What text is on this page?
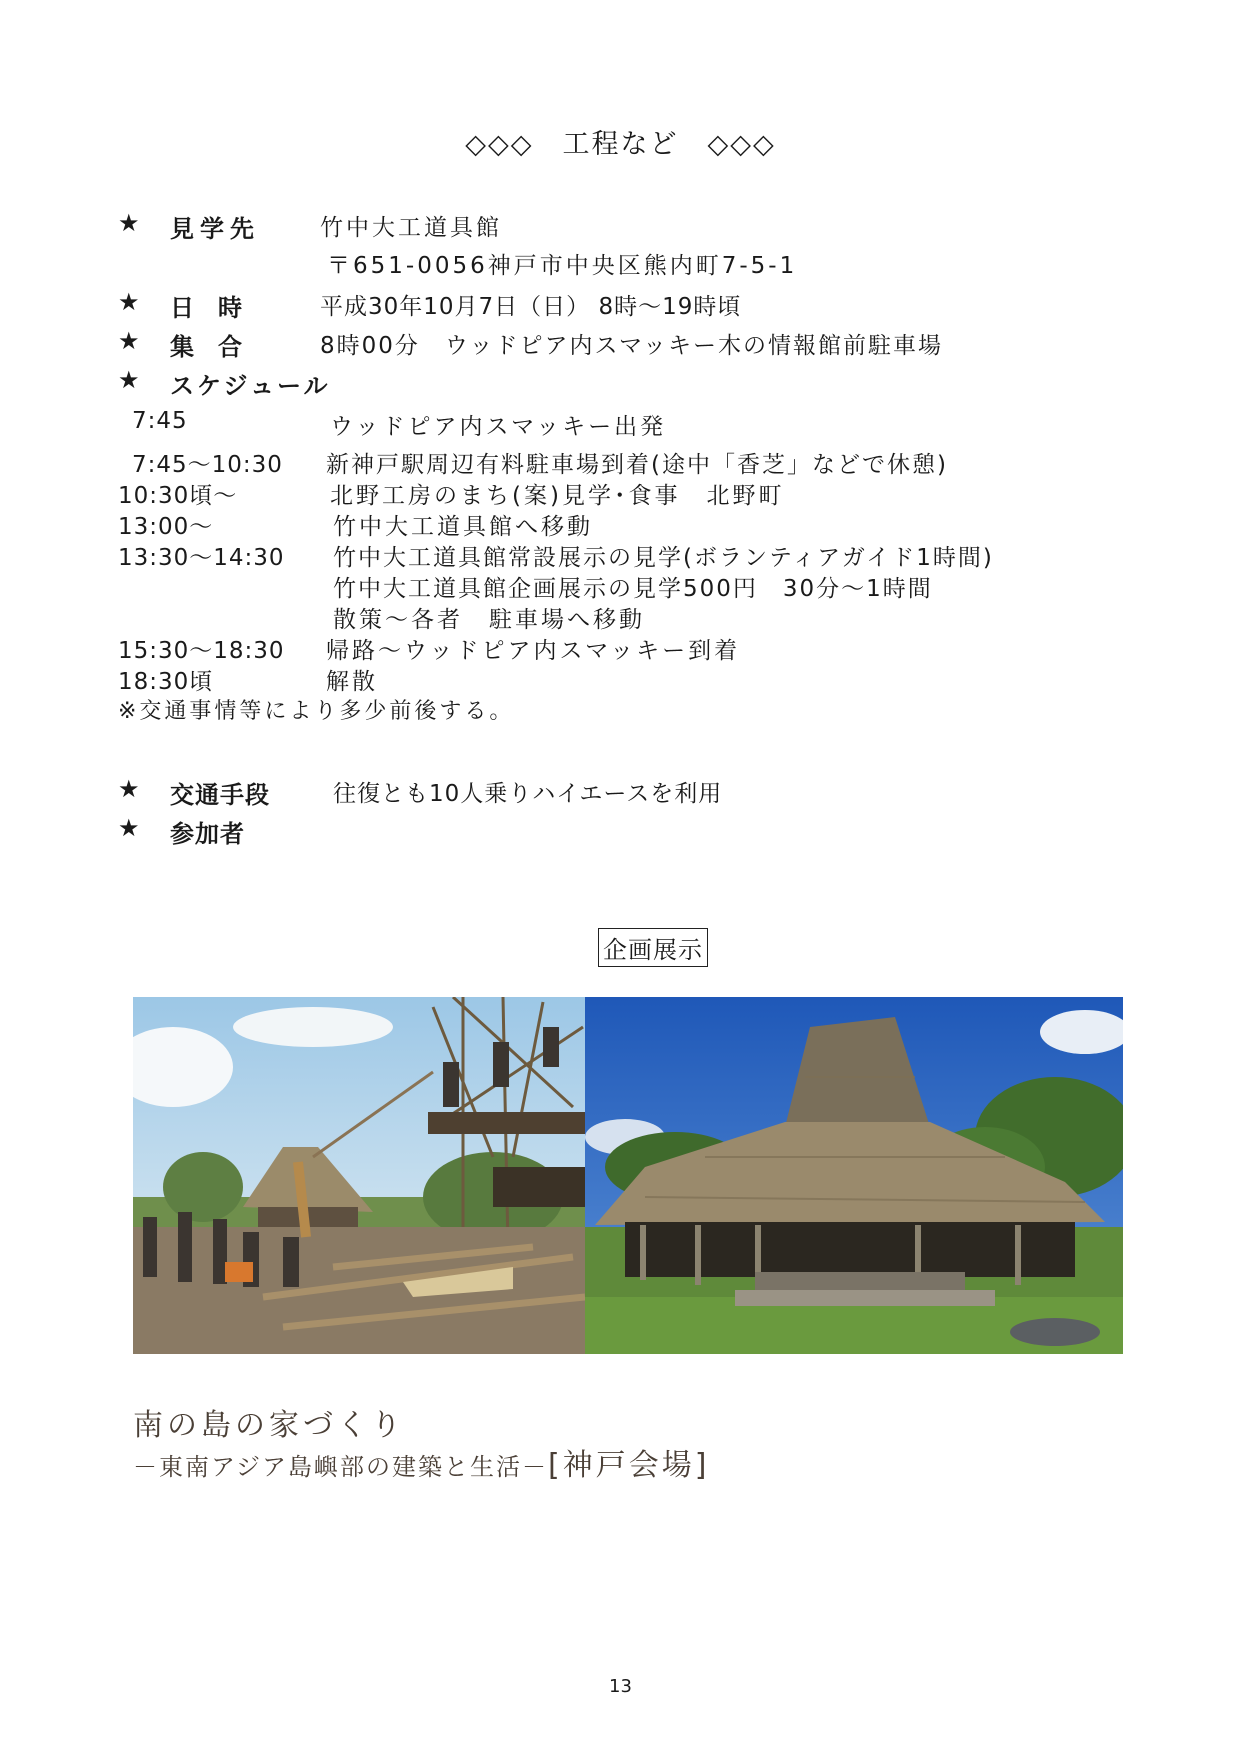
◇◇◇　工程など　◇◇◇
★ 見学先	竹中大工道具館
〒651-0056神戸市中央区熊内町7-5-1
★ 日　時	平成30年10月7日（日） 8時～19時頃
★ 集　合	8時00分　ウッドピア内スマッキー木の情報館前駐車場
★ スケジュール
7:45	ウッドピア内スマッキー出発
7:45～10:30 新神戸駅周辺有料駐車場到着(途中「香芝」などで休憩)
10:30頃～	北野工房のまち(案)見学･食事　北野町
13:00～	竹中大工道具館へ移動
13:30～14:30 竹中大工道具館常設展示の見学(ボランティアガイド1時間)
竹中大工道具館企画展示の見学500円　30分～1時間
散策～各者　駐車場へ移動
15:30～18:30 帰路～ウッドピア内スマッキー到着
18:30頃	解散
※交通事情等により多少前後する。
★ 交通手段	往復とも10人乗りハイエースを利用
★ 参加者
企画展示
南の島の家づくり
－東南アジア島嶼部の建築と生活－[神戸会場]
13
